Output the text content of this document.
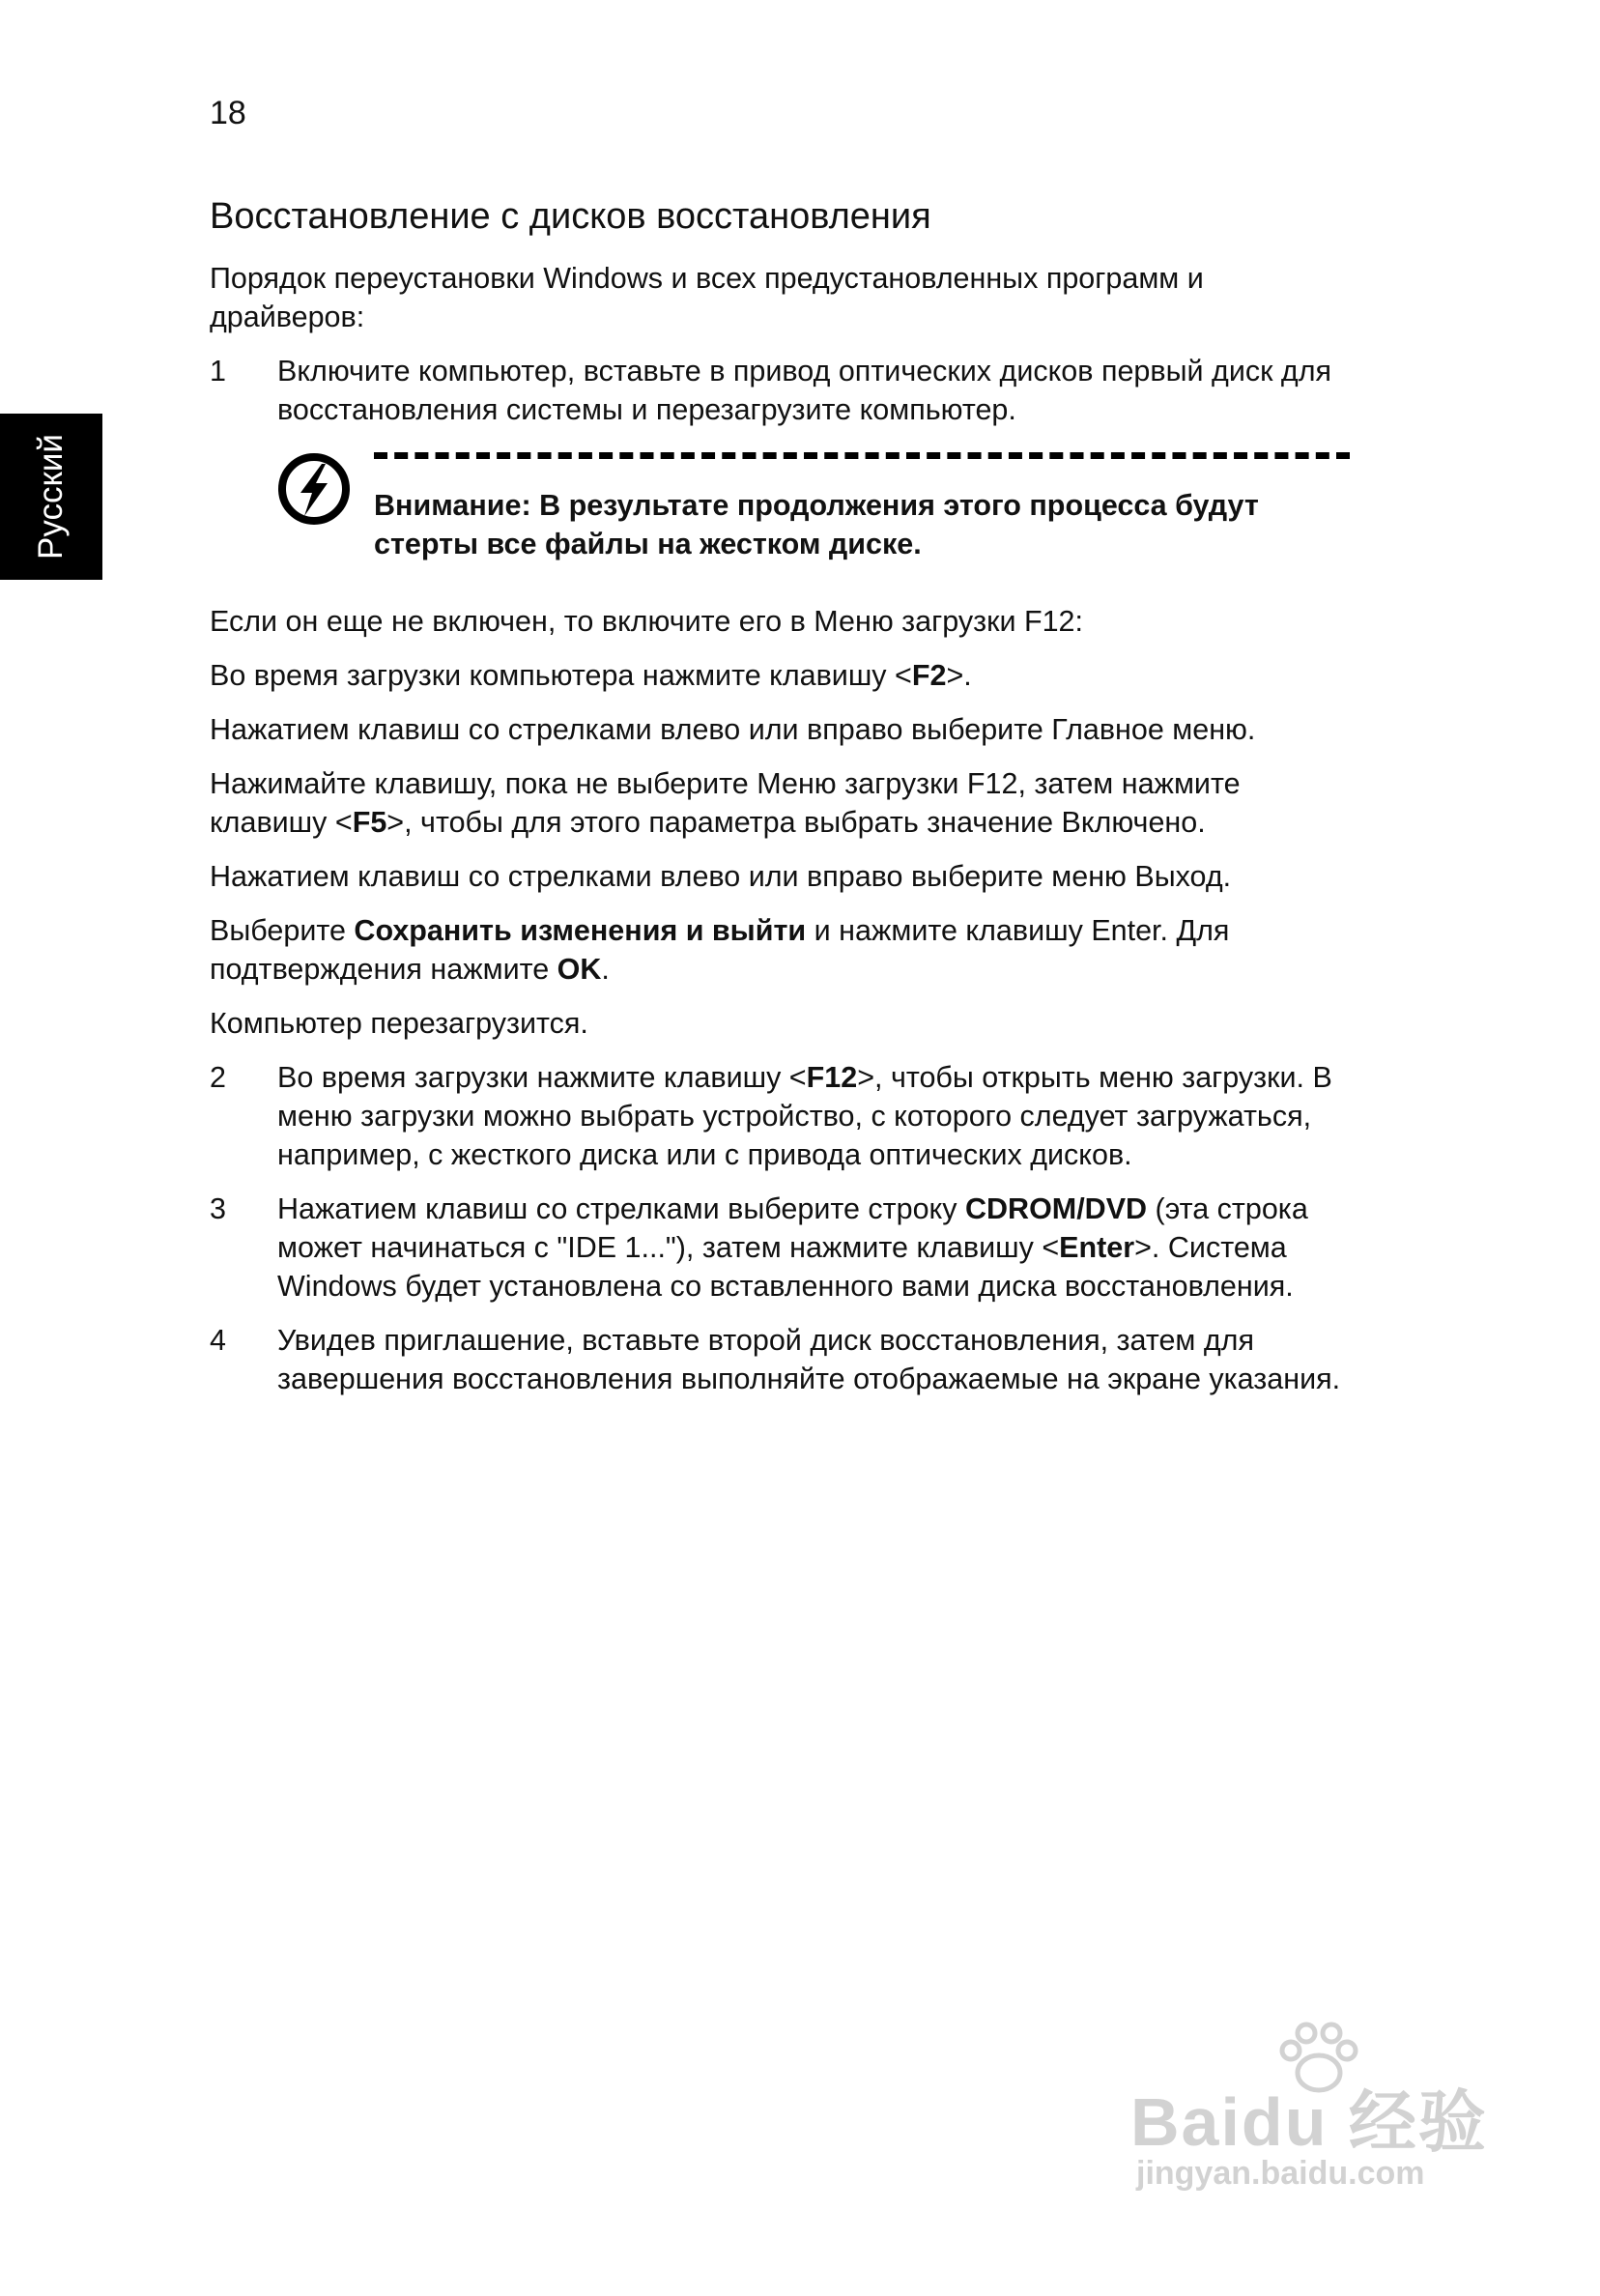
18
Русский
Восстановление с дисков восстановления

Порядок переустановки Windows и всех предустановленных программ и драйверов:

1	Включите компьютер, вставьте в привод оптических дисков первый диск для восстановления системы и перезагрузите компьютер.
Внимание: В результате продолжения этого процесса будут стерты все файлы на жестком диске.

Если он еще не включен, то включите его в Меню загрузки F12:

Во время загрузки компьютера нажмите клавишу <F2>.

Нажатием клавиш со стрелками влево или вправо выберите Главное меню.

Нажимайте клавишу, пока не выберите Меню загрузки F12, затем нажмите клавишу <F5>, чтобы для этого параметра выбрать значение Включено.

Нажатием клавиш со стрелками влево или вправо выберите меню Выход.

Выберите Сохранить изменения и выйти и нажмите клавишу Enter. Для подтверждения нажмите OK.

Компьютер перезагрузится.

2	Во время загрузки нажмите клавишу <F12>, чтобы открыть меню загрузки. В меню загрузки можно выбрать устройство, с которого следует загружаться, например, с жесткого диска или с привода оптических дисков.
3	Нажатием клавиш со стрелками выберите строку CDROM/DVD (эта строка может начинаться с "IDE 1..."), затем нажмите клавишу <Enter>. Система Windows будет установлена со вставленного вами диска восстановления.
4	Увидев приглашение, вставьте второй диск восстановления, затем для завершения восстановления выполняйте отображаемые на экране указания.
Baidu 经验
jingyan.baidu.com
